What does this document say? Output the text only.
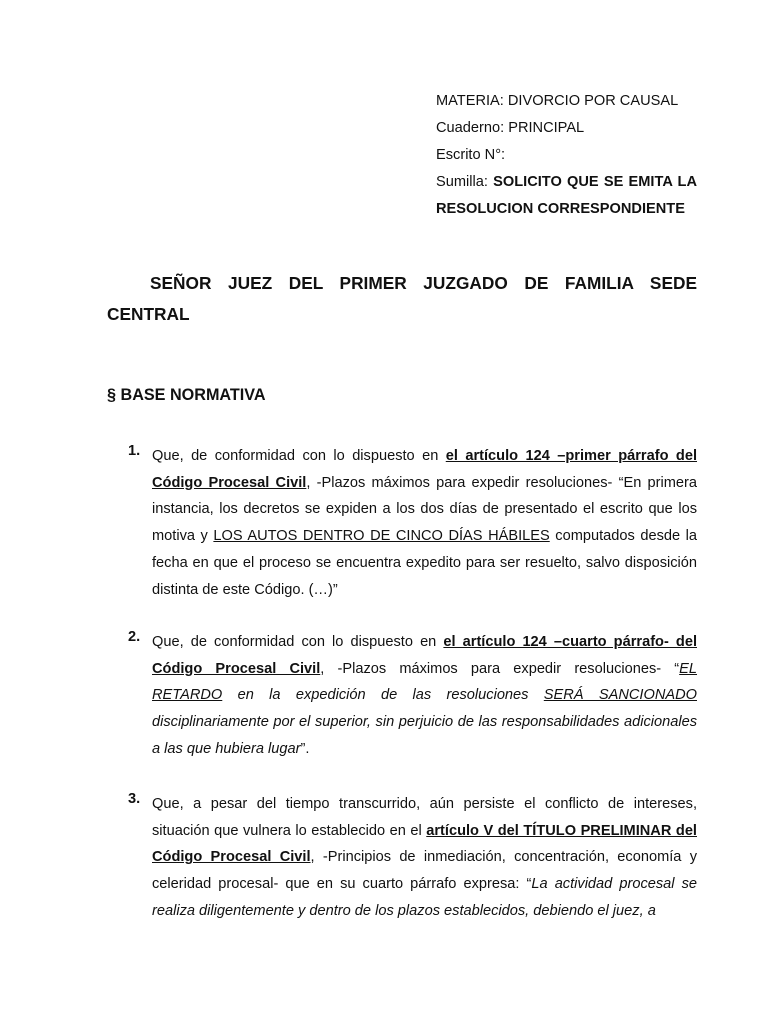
MATERIA: DIVORCIO POR CAUSAL
Cuaderno: PRINCIPAL
Escrito N°:
Sumilla: SOLICITO QUE SE EMITA LA RESOLUCION CORRESPONDIENTE

SEÑOR JUEZ DEL PRIMER JUZGADO DE FAMILIA SEDE CENTRAL

§ BASE NORMATIVA

1. Que, de conformidad con lo dispuesto en el artículo 124 –primer párrafo del Código Procesal Civil, -Plazos máximos para expedir resoluciones- “En primera instancia, los decretos se expiden a los dos días de presentado el escrito que los motiva y LOS AUTOS DENTRO DE CINCO DÍAS HÁBILES computados desde la fecha en que el proceso se encuentra expedito para ser resuelto, salvo disposición distinta de este Código. (…)”
2. Que, de conformidad con lo dispuesto en el artículo 124 –cuarto párrafo- del Código Procesal Civil, -Plazos máximos para expedir resoluciones- “EL RETARDO en la expedición de las resoluciones SERÁ SANCIONADO disciplinariamente por el superior, sin perjuicio de las responsabilidades adicionales a las que hubiera lugar”.
3. Que, a pesar del tiempo transcurrido, aún persiste el conflicto de intereses, situación que vulnera lo establecido en el artículo V del TÍTULO PRELIMINAR del Código Procesal Civil, -Principios de inmediación, concentración, economía y celeridad procesal- que en su cuarto párrafo expresa: “La actividad procesal se realiza diligentemente y dentro de los plazos establecidos, debiendo el juez, a
